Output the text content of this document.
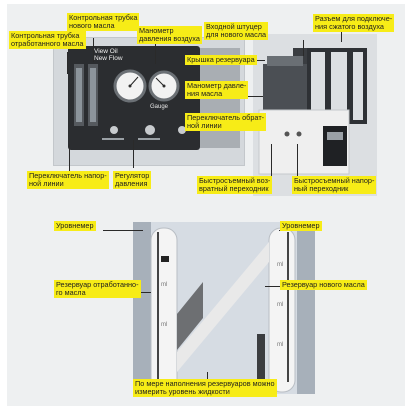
View Oil
New Flow
Gauge
ml
ml
ml
ml
ml
Контрольная трубка
отработанного масла
Контрольная трубка
нового масла
Манометр
давления воздуха
Входной штуцер
для нового масла
Разъем для подключе-
ния сжатого воздуха
Крышка резервуара
Манометр давле-
ния масла
Переключатель обрат-
ной линии
Переключатель напор-
ной линии
Регулятор
давления	Быстросъемный воз-
вратный переходник
Быстросъемный напор-
ный переходник
Уровнемер	Уровнемер
Резервуар отработанно-
го масла
Резервуар нового масла
По мере наполнения резервуаров можно
измерить уровень жидкости
